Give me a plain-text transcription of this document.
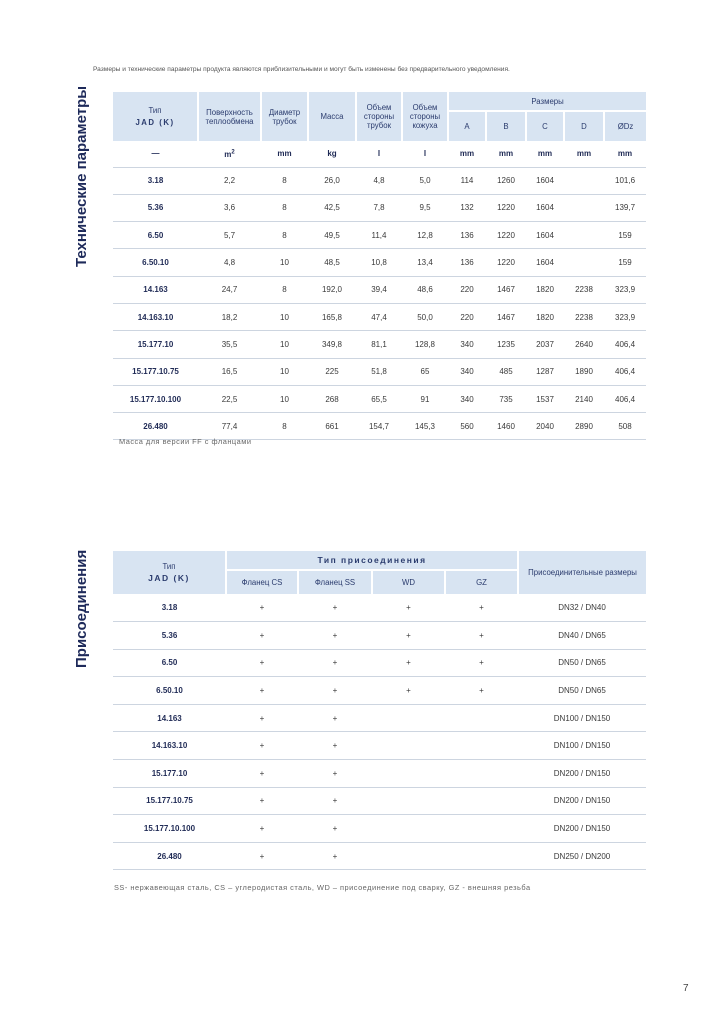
Размеры и технические параметры продукта являются приблизительными и могут быть изменены без предварительного уведомления.
Технические параметры
Присоединения
Тип
JAD (K)	Поверхность теплообмена	Диаметр трубок	Масса	Объем стороны трубок	Объем стороны кожуха	Размеры				
						A	B	C	D	ØDz
—	$m^2$	mm	kg	l	l	mm	mm	mm	mm	mm
3.18	2,2	8	26,0	4,8	5,0	114	1260	1604		101,6
5.36	3,6	8	42,5	7,8	9,5	132	1220	1604		139,7
6.50	5,7	8	49,5	11,4	12,8	136	1220	1604		159
6.50.10	4,8	10	48,5	10,8	13,4	136	1220	1604		159
14.163	24,7	8	192,0	39,4	48,6	220	1467	1820	2238	323,9
14.163.10	18,2	10	165,8	47,4	50,0	220	1467	1820	2238	323,9
15.177.10	35,5	10	349,8	81,1	128,8	340	1235	2037	2640	406,4
15.177.10.75	16,5	10	225	51,8	65	340	485	1287	1890	406,4
15.177.10.100	22,5	10	268	65,5	91	340	735	1537	2140	406,4
26.480	77,4	8	661	154,7	145,3	560	1460	2040	2890	508
Масса для версии FF с фланцами
Тип
JAD (K)	Тип присоединения				Присоединительные размеры
	Фланец CS	Фланец SS	WD	GZ	
3.18	+	+	+	+	DN32 / DN40
5.36	+	+	+	+	DN40 / DN65
6.50	+	+	+	+	DN50 / DN65
6.50.10	+	+	+	+	DN50 / DN65
14.163	+	+			DN100 / DN150
14.163.10	+	+			DN100 / DN150
15.177.10	+	+			DN200 / DN150
15.177.10.75	+	+			DN200 / DN150
15.177.10.100	+	+			DN200 / DN150
26.480	+	+			DN250 / DN200
SS- нержавеющая сталь, CS – углеродистая сталь, WD – присоединение под сварку, GZ - внешняя резьба
7
